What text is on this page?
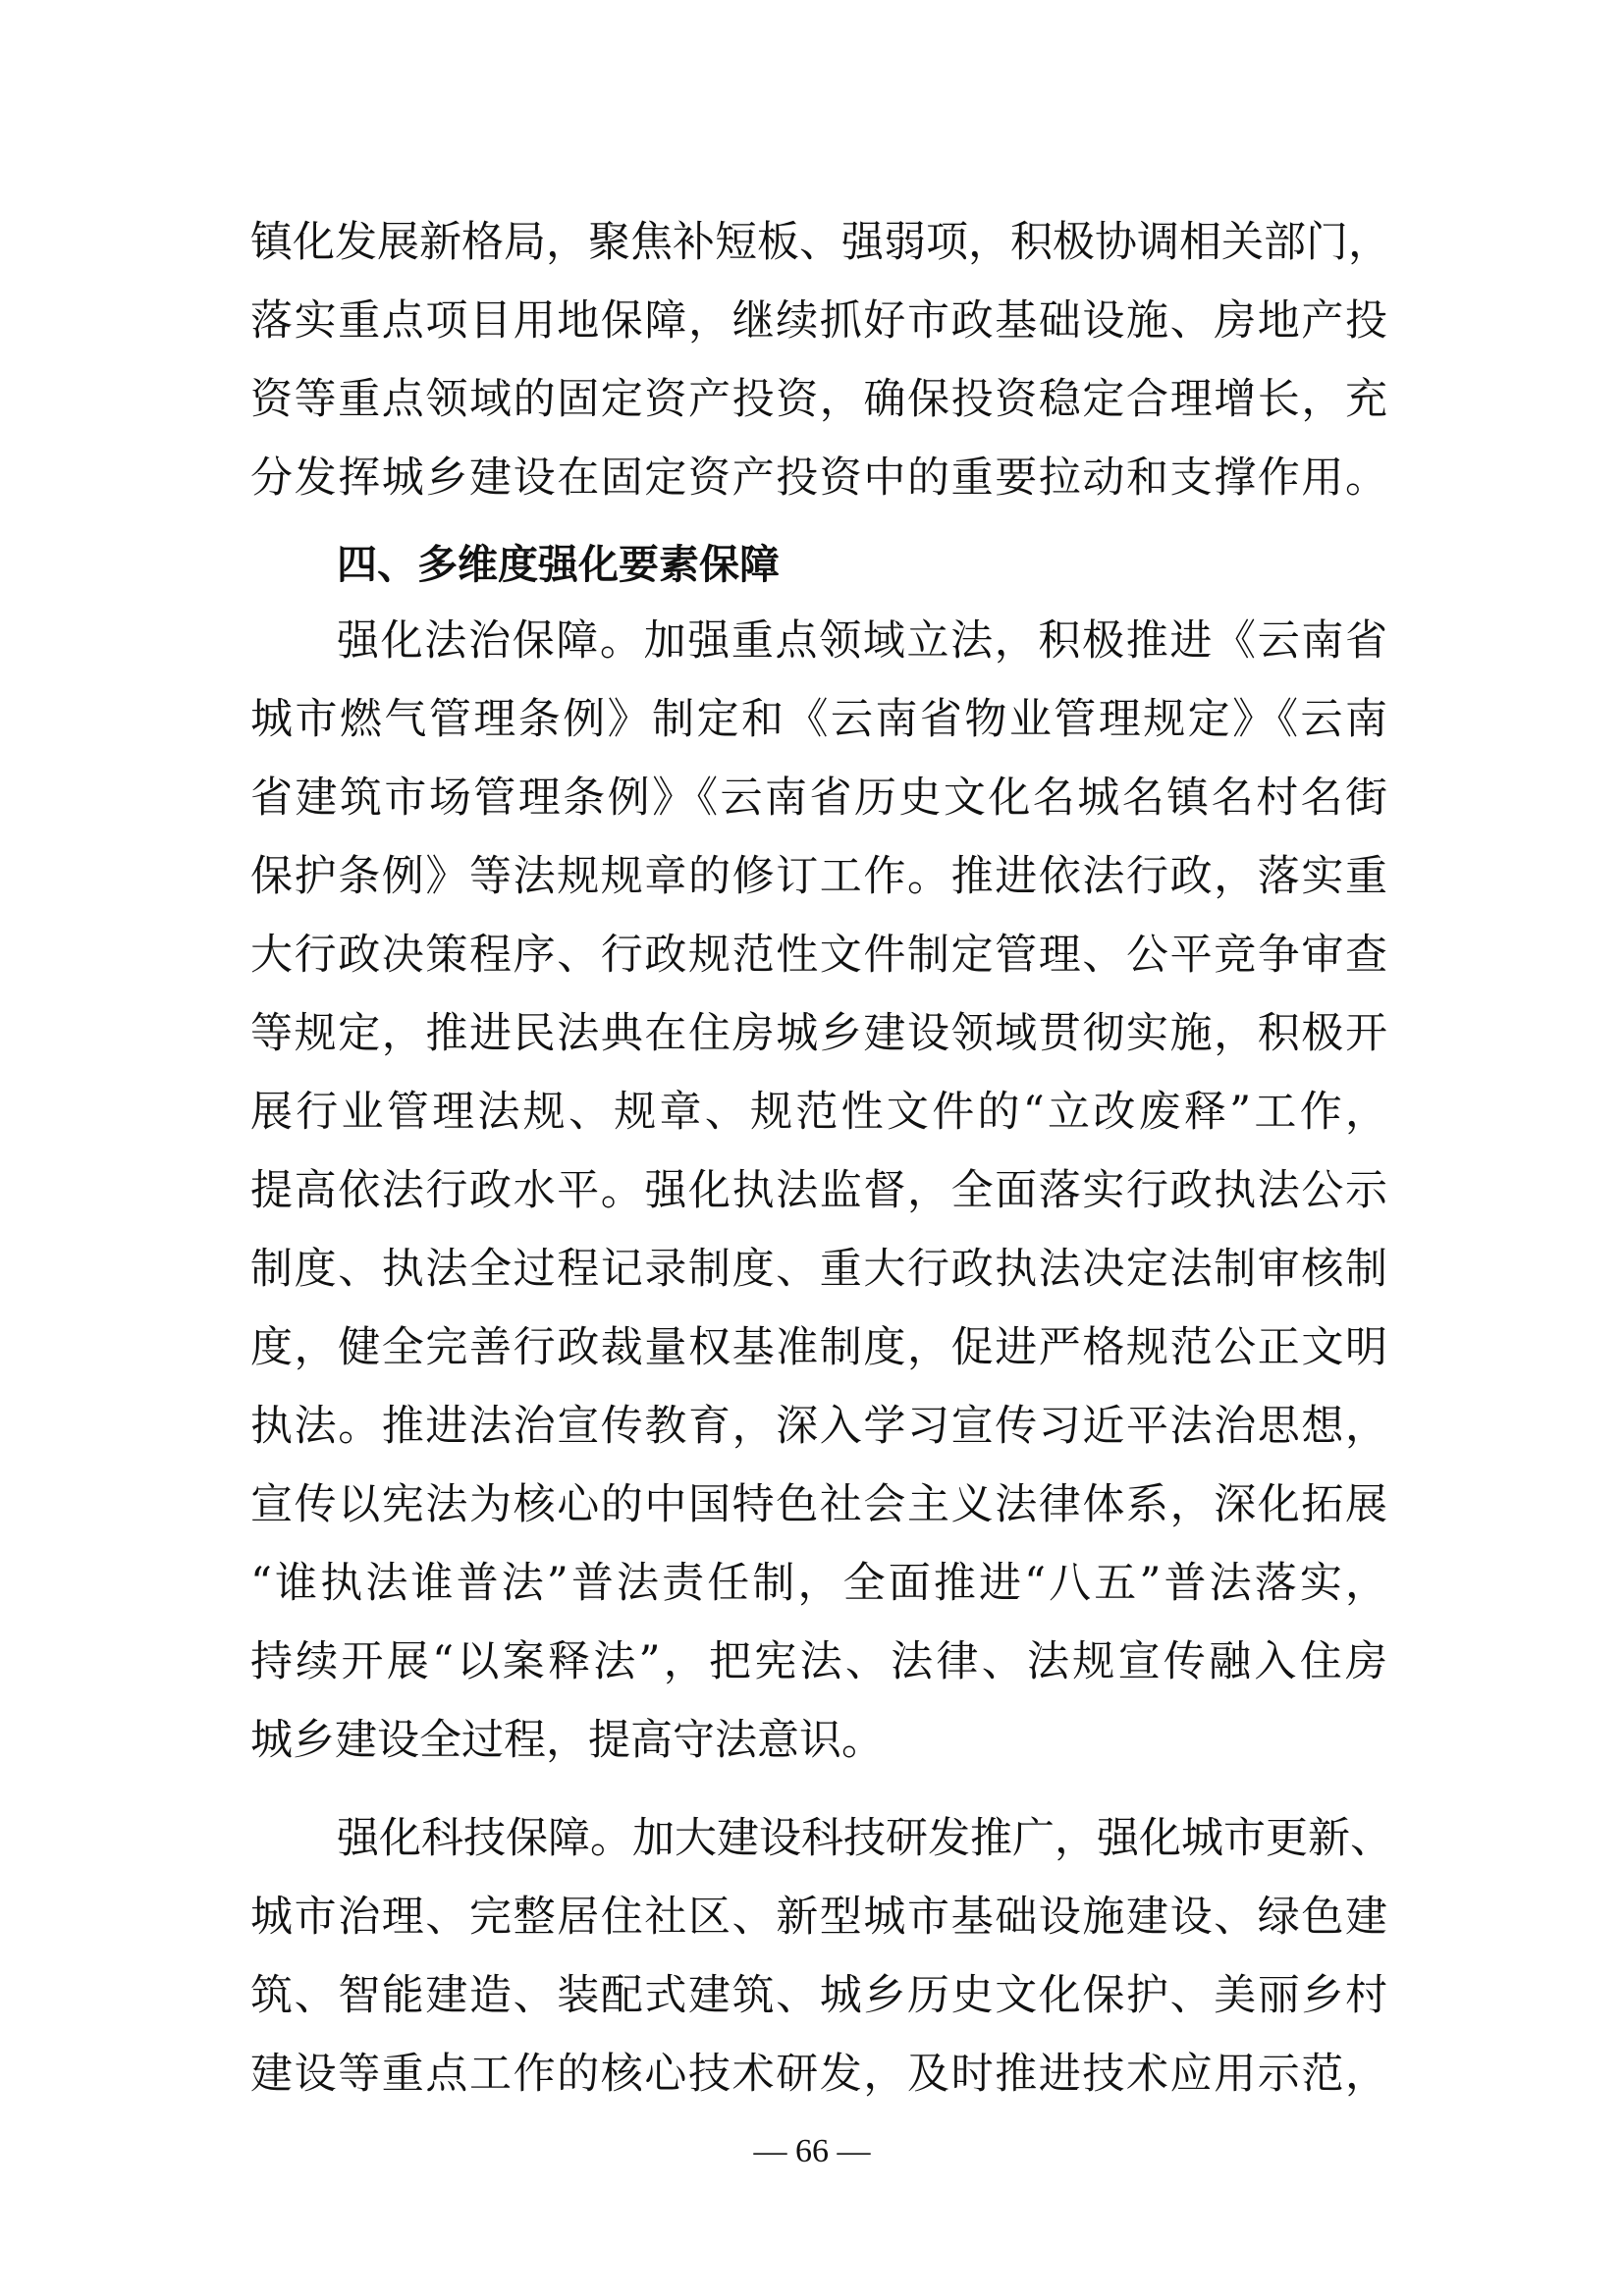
镇化发展新格局，聚焦补短板、强弱项，积极协调相关部门，
落实重点项目用地保障，继续抓好市政基础设施、房地产投
资等重点领域的固定资产投资，确保投资稳定合理增长，充
分发挥城乡建设在固定资产投资中的重要拉动和支撑作用。
四、多维度强化要素保障
强化法治保障。加强重点领域立法，积极推进《云南省
城市燃气管理条例》制定和《云南省物业管理规定》《云南
省建筑市场管理条例》《云南省历史文化名城名镇名村名街
保护条例》等法规规章的修订工作。推进依法行政，落实重
大行政决策程序、行政规范性文件制定管理、公平竞争审查
等规定，推进民法典在住房城乡建设领域贯彻实施，积极开
展行业管理法规、规章、规范性文件的“立改废释”工作，
提高依法行政水平。强化执法监督，全面落实行政执法公示
制度、执法全过程记录制度、重大行政执法决定法制审核制
度，健全完善行政裁量权基准制度，促进严格规范公正文明
执法。推进法治宣传教育，深入学习宣传习近平法治思想，
宣传以宪法为核心的中国特色社会主义法律体系，深化拓展
“谁执法谁普法”普法责任制，全面推进“八五”普法落实，
持续开展“以案释法”，把宪法、法律、法规宣传融入住房
城乡建设全过程，提高守法意识。
强化科技保障。加大建设科技研发推广，强化城市更新、
城市治理、完整居住社区、新型城市基础设施建设、绿色建
筑、智能建造、装配式建筑、城乡历史文化保护、美丽乡村
建设等重点工作的核心技术研发，及时推进技术应用示范，
— 66 —
